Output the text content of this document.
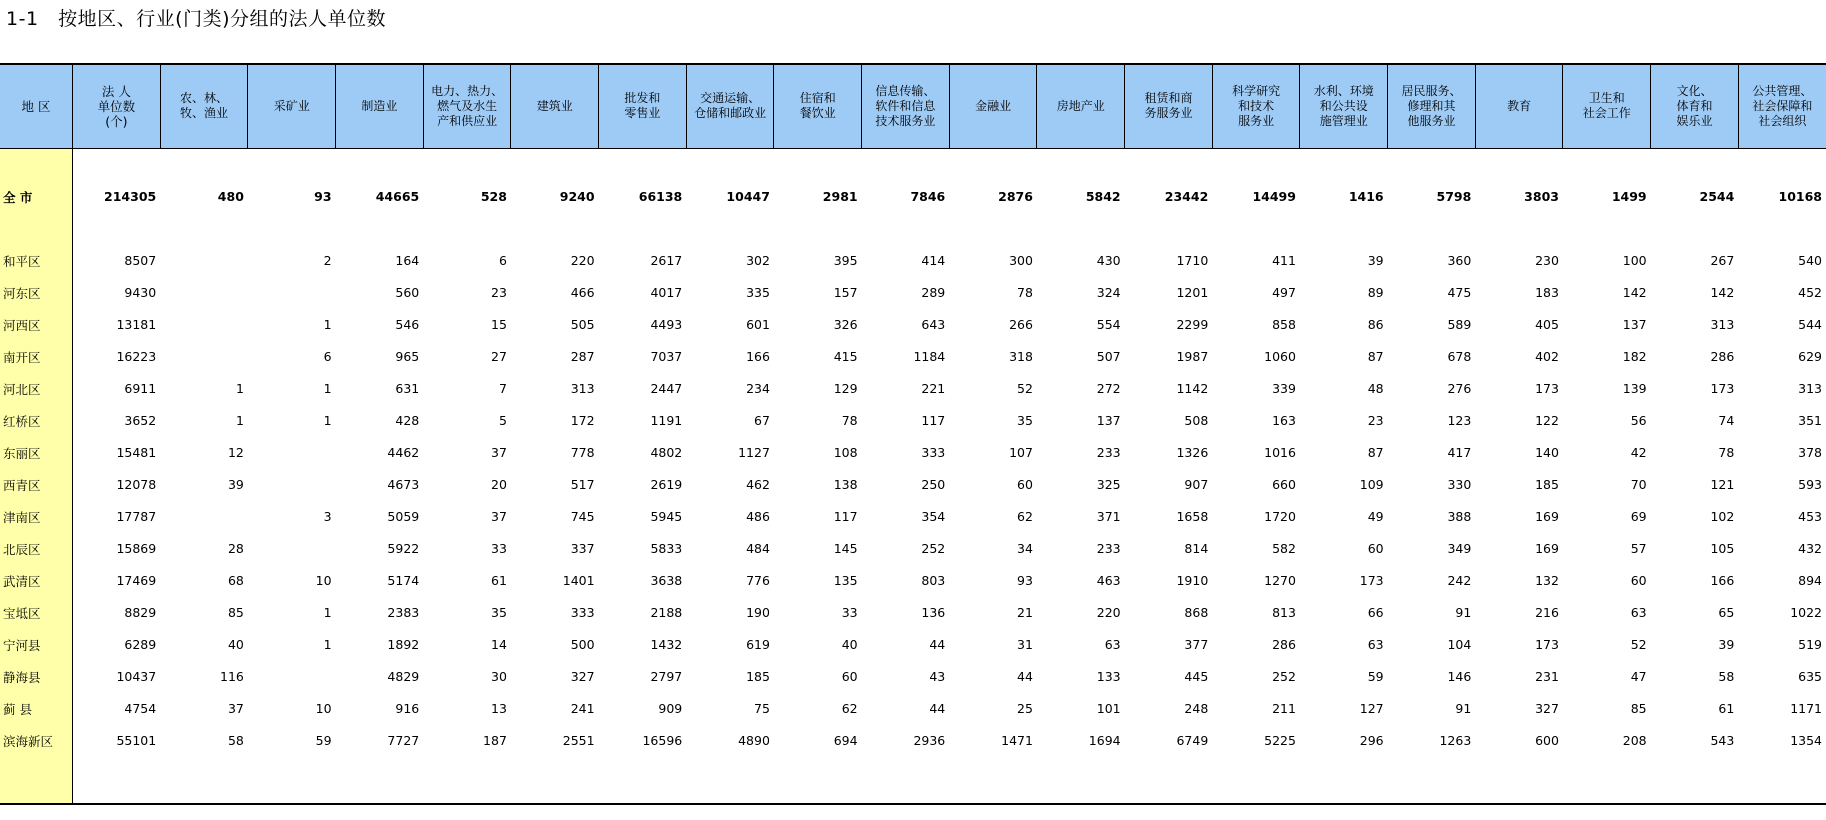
1-1   按地区、行业(门类)分组的法人单位数
地 区	法 人
单位数
(个)	农、林、
牧、渔业	采矿业	制造业	电力、热力、
燃气及水生
产和供应业	建筑业	批发和
零售业	交通运输、
仓储和邮政业	住宿和
餐饮业	信息传输、
软件和信息
技术服务业	金融业	房地产业	租赁和商
务服务业	科学研究
和技术
服务业	水利、环境
和公共设
施管理业	居民服务、
修理和其
他服务业	教育	卫生和
社会工作	文化、
体育和
娱乐业	公共管理、
社会保障和
社会组织

全 市	214305	480	93	44665	528	9240	66138	10447	2981	7846	2876	5842	23442	14499	1416	5798	3803	1499	2544	10168

和平区	8507		2	164	6	220	2617	302	395	414	300	430	1710	411	39	360	230	100	267	540
河东区	9430			560	23	466	4017	335	157	289	78	324	1201	497	89	475	183	142	142	452
河西区	13181		1	546	15	505	4493	601	326	643	266	554	2299	858	86	589	405	137	313	544
南开区	16223		6	965	27	287	7037	166	415	1184	318	507	1987	1060	87	678	402	182	286	629
河北区	6911	1	1	631	7	313	2447	234	129	221	52	272	1142	339	48	276	173	139	173	313
红桥区	3652	1	1	428	5	172	1191	67	78	117	35	137	508	163	23	123	122	56	74	351
东丽区	15481	12		4462	37	778	4802	1127	108	333	107	233	1326	1016	87	417	140	42	78	378
西青区	12078	39		4673	20	517	2619	462	138	250	60	325	907	660	109	330	185	70	121	593
津南区	17787		3	5059	37	745	5945	486	117	354	62	371	1658	1720	49	388	169	69	102	453
北辰区	15869	28		5922	33	337	5833	484	145	252	34	233	814	582	60	349	169	57	105	432
武清区	17469	68	10	5174	61	1401	3638	776	135	803	93	463	1910	1270	173	242	132	60	166	894
宝坻区	8829	85	1	2383	35	333	2188	190	33	136	21	220	868	813	66	91	216	63	65	1022
宁河县	6289	40	1	1892	14	500	1432	619	40	44	31	63	377	286	63	104	173	52	39	519
静海县	10437	116		4829	30	327	2797	185	60	43	44	133	445	252	59	146	231	47	58	635
蓟 县	4754	37	10	916	13	241	909	75	62	44	25	101	248	211	127	91	327	85	61	1171
滨海新区	55101	58	59	7727	187	2551	16596	4890	694	2936	1471	1694	6749	5225	296	1263	600	208	543	1354
